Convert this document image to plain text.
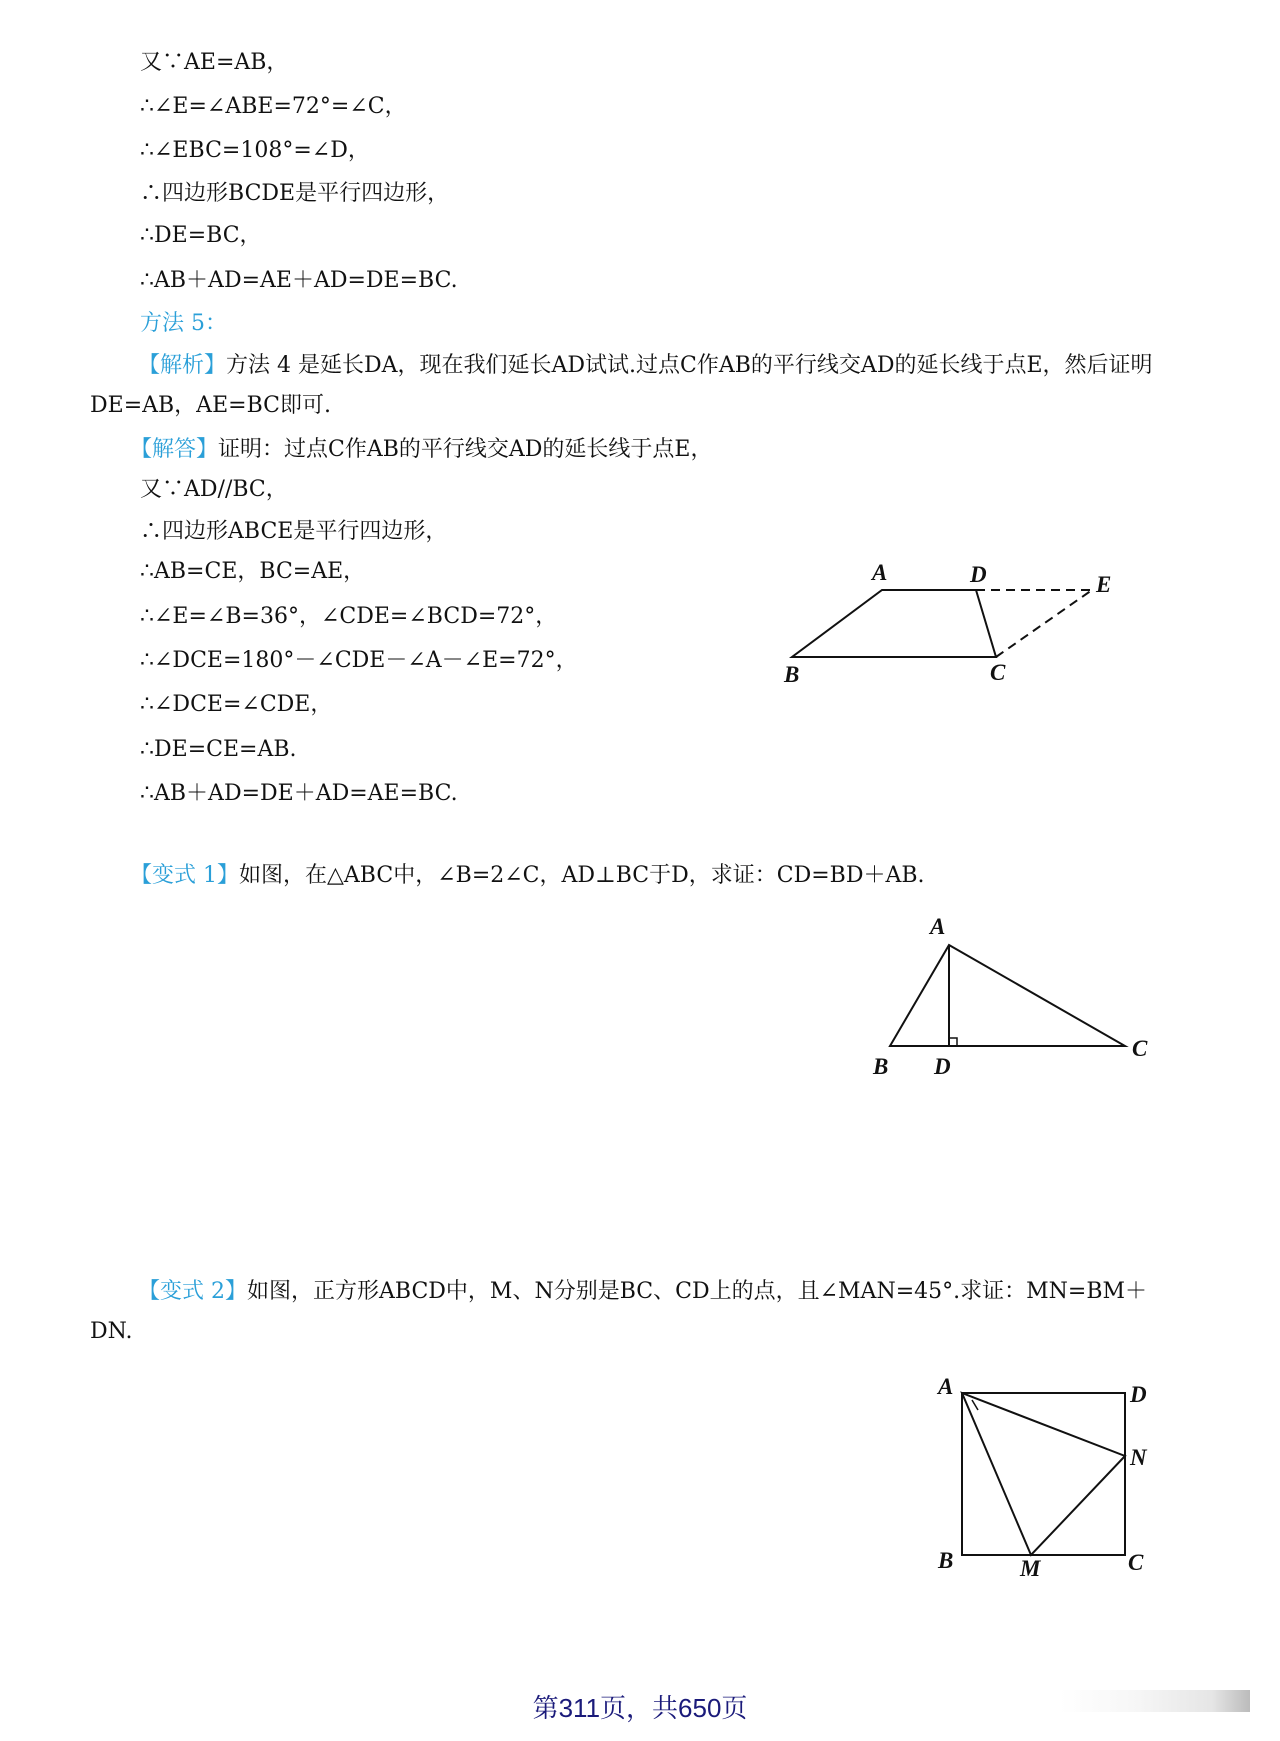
又∵AE=AB，
∴∠E=∠ABE=72°=∠C，
∴∠EBC=108°=∠D，
∴四边形BCDE是平行四边形，
∴DE=BC，
∴AB＋AD=AE＋AD=DE=BC.
方法 5：
【解析】方法 4 是延长DA，现在我们延长AD试试.过点C作AB的平行线交AD的延长线于点E，然后证明DE=AB，AE=BC即可.
【解答】证明：过点C作AB的平行线交AD的延长线于点E，
又∵AD//BC，
∴四边形ABCE是平行四边形，
∴AB=CE，BC=AE，
∴∠E=∠B=36°，∠CDE=∠BCD=72°，
∴∠DCE=180°－∠CDE－∠A－∠E=72°，
∴∠DCE=∠CDE，
∴DE=CE=AB.
∴AB＋AD=DE＋AD=AE=BC.
【变式 1】如图，在△ABC中，∠B=2∠C，AD⊥BC于D，求证：CD=BD＋AB.
【变式 2】如图，正方形ABCD中，M、N分别是BC、CD上的点，且∠MAN=45°.求证：MN=BM＋DN.
A	D	E
B	C
A
B D
C
A	D
N
B	M	C
第311页，共650页
